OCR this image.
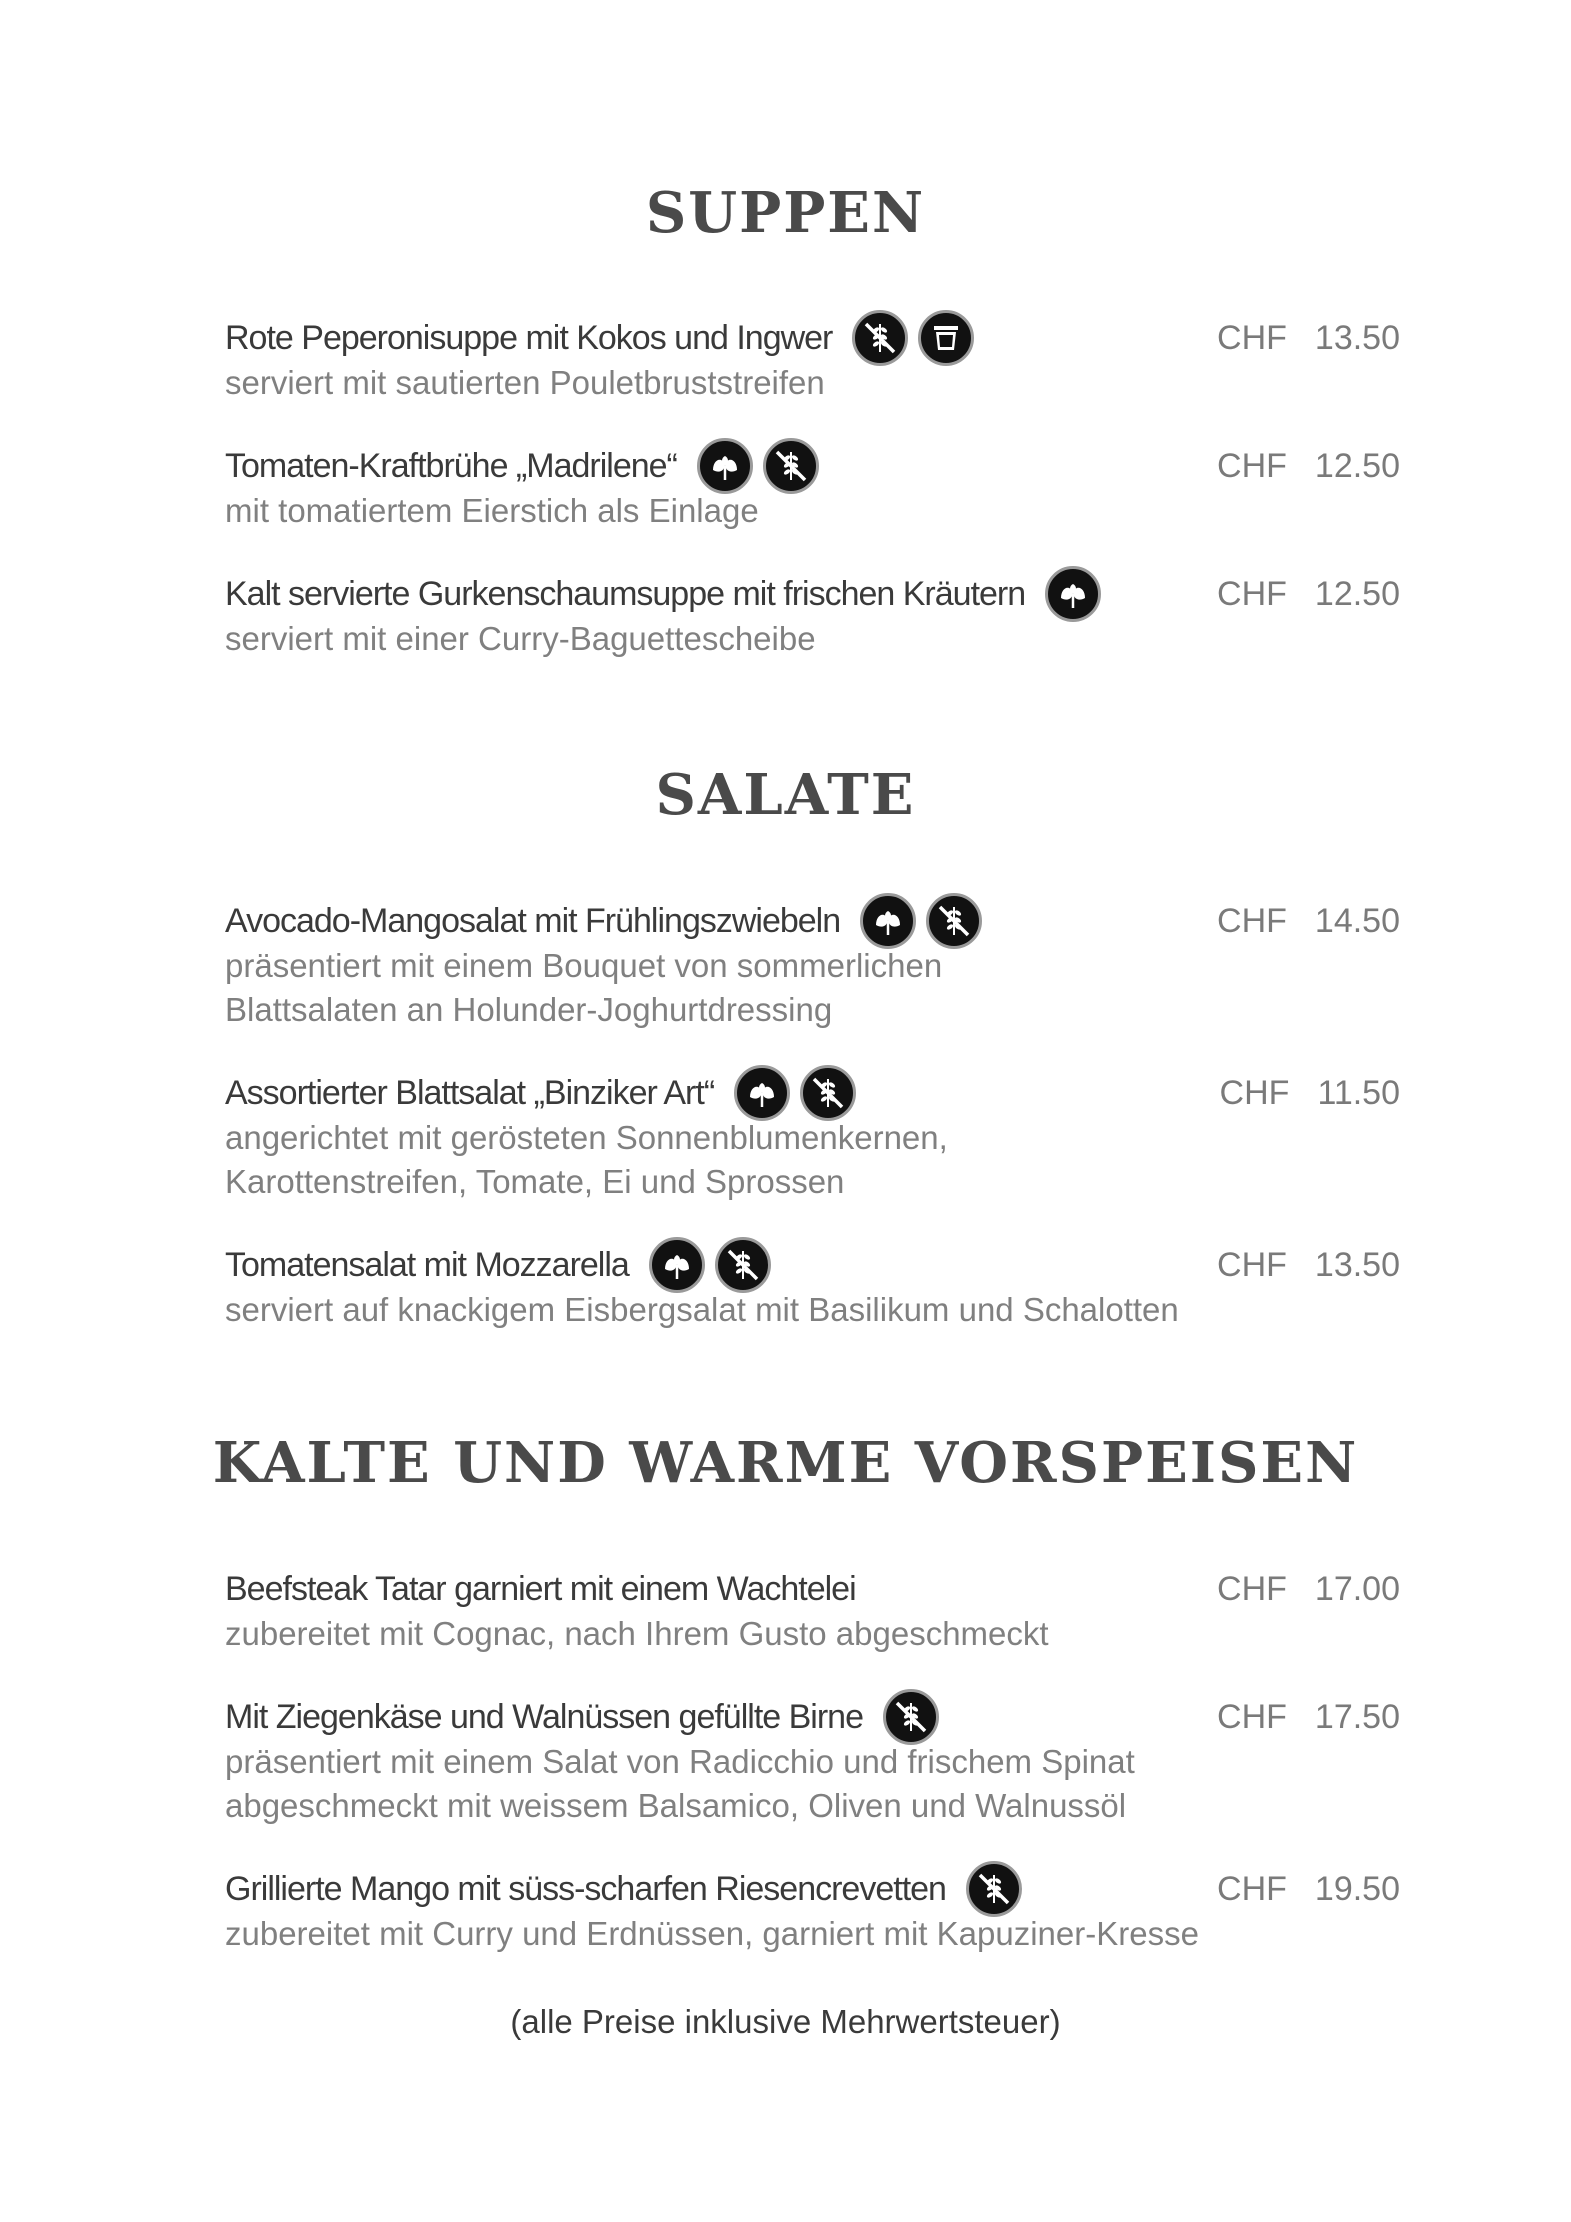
SUPPEN
Rote Peperonisuppe mit Kokos und Ingwer	CHF 13.50
serviert mit sautierten Pouletbruststreifen
Tomaten-Kraftbrühe „Madrilene“	CHF 12.50
mit tomatiertem Eierstich als Einlage
Kalt servierte Gurkenschaumsuppe mit frischen Kräutern	CHF 12.50
serviert mit einer Curry-Baguettescheibe
SALATE
Avocado-Mangosalat mit Frühlingszwiebeln	CHF 14.50
präsentiert mit einem Bouquet von sommerlichen
Blattsalaten an Holunder-Joghurtdressing
Assortierter Blattsalat „Binziker Art“	CHF 11.50
angerichtet mit gerösteten Sonnenblumenkernen,
Karottenstreifen, Tomate, Ei und Sprossen
Tomatensalat mit Mozzarella	CHF 13.50
serviert auf knackigem Eisbergsalat mit Basilikum und Schalotten
KALTE UND WARME VORSPEISEN
Beefsteak Tatar garniert mit einem Wachtelei	CHF 17.00
zubereitet mit Cognac, nach Ihrem Gusto abgeschmeckt
Mit Ziegenkäse und Walnüssen gefüllte Birne	CHF 17.50
präsentiert mit einem Salat von Radicchio und frischem Spinat
abgeschmeckt mit weissem Balsamico, Oliven und Walnussöl
Grillierte Mango mit süss-scharfen Riesencrevetten	CHF 19.50
zubereitet mit Curry und Erdnüssen, garniert mit Kapuziner-Kresse
(alle Preise inklusive Mehrwertsteuer)
